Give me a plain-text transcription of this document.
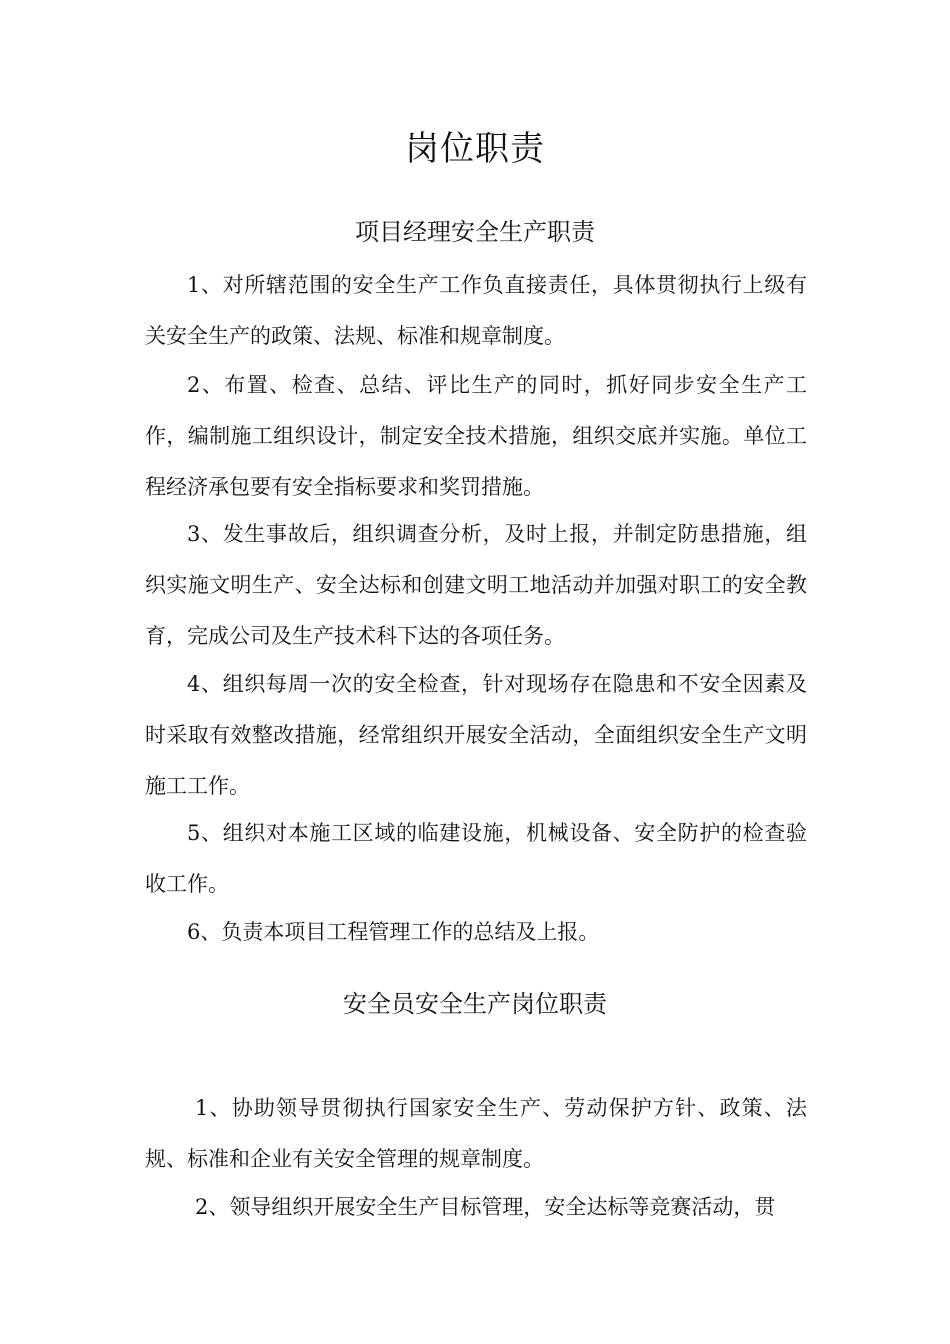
岗位职责
项目经理安全生产职责

1、对所辖范围的安全生产工作负直接责任，具体贯彻执行上级有关安全生产的政策、法规、标准和规章制度。

2、布置、检查、总结、评比生产的同时，抓好同步安全生产工作，编制施工组织设计，制定安全技术措施，组织交底并实施。单位工程经济承包要有安全指标要求和奖罚措施。

3、发生事故后，组织调查分析，及时上报，并制定防患措施，组织实施文明生产、安全达标和创建文明工地活动并加强对职工的安全教育，完成公司及生产技术科下达的各项任务。

4、组织每周一次的安全检查，针对现场存在隐患和不安全因素及时采取有效整改措施，经常组织开展安全活动，全面组织安全生产文明施工工作。

5、组织对本施工区域的临建设施，机械设备、安全防护的检查验收工作。

6、负责本项目工程管理工作的总结及上报。

安全员安全生产岗位职责

1、协助领导贯彻执行国家安全生产、劳动保护方针、政策、法规、标准和企业有关安全管理的规章制度。

2、领导组织开展安全生产目标管理，安全达标等竞赛活动，贯
